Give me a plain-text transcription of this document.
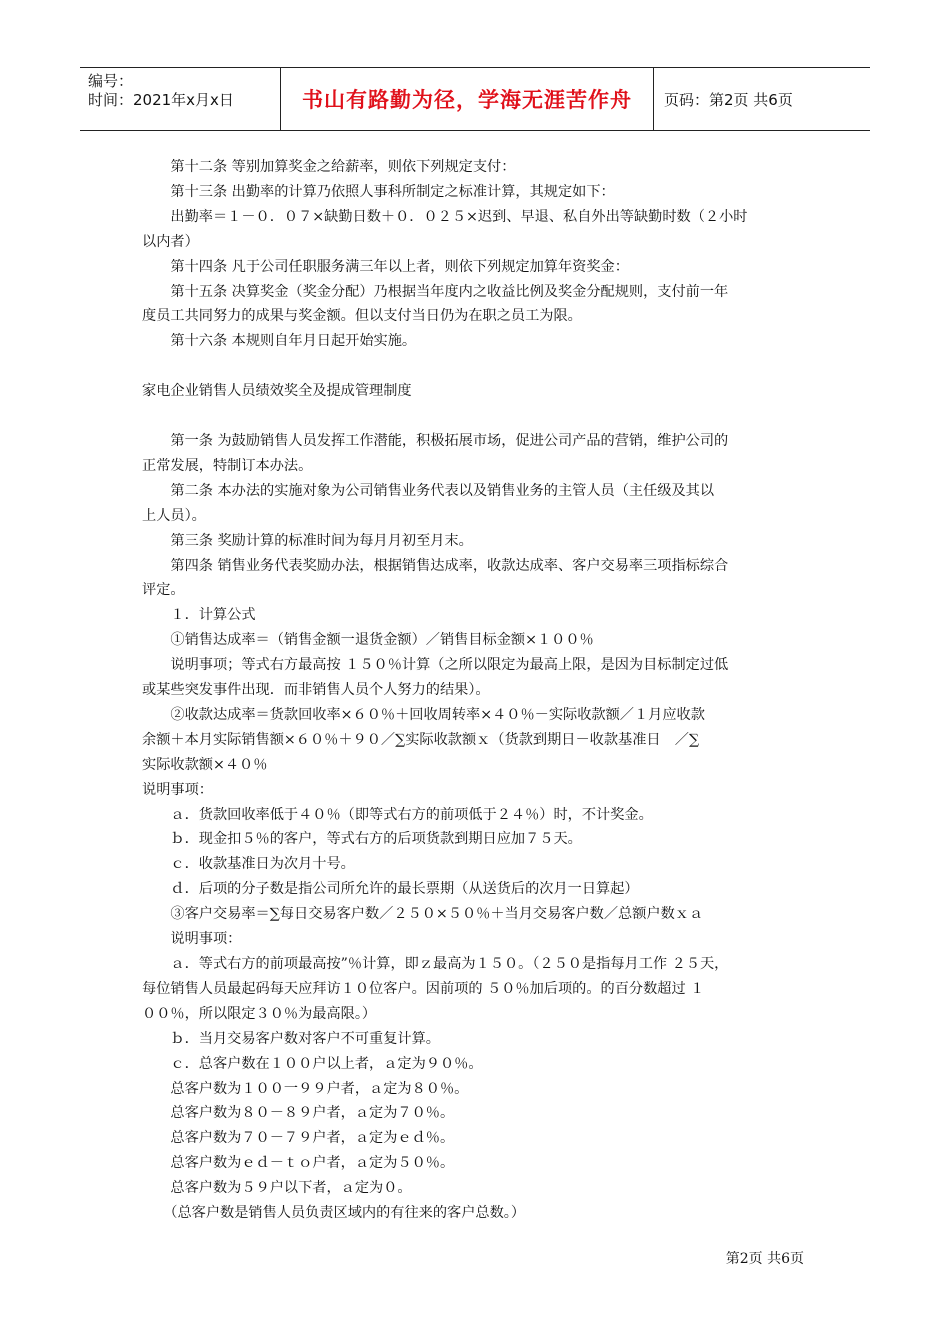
编号：
时间：2021年x月x日	书山有路勤为径，学海无涯苦作舟 页码：第2页 共6页

　　第十二条 等别加算奖金之给薪率，则依下列规定支付：

　　第十三条 出勤率的计算乃依照人事科所制定之标准计算，其规定如下：

　　出勤率＝１－０．０７×缺勤日数＋０．０２５×迟到、早退、私自外出等缺勤时数（２小时

以内者）

　　第十四条 凡于公司任职服务满三年以上者，则依下列规定加算年资奖金：

　　第十五条 决算奖金（奖金分配）乃根据当年度内之收益比例及奖金分配规则，支付前一年

度员工共同努力的成果与奖金额。但以支付当日仍为在职之员工为限。

　　第十六条 本规则自年月日起开始实施。

家电企业销售人员绩效奖全及提成管理制度

　　第一条 为鼓励销售人员发挥工作潜能，积极拓展市场，促进公司产品的营销，维护公司的

正常发展，特制订本办法。

　　第二条 本办法的实施对象为公司销售业务代表以及销售业务的主管人员（主任级及其以

上人员）。

　　第三条 奖励计算的标准时间为每月月初至月末。

　　第四条 销售业务代表奖励办法，根据销售达成率，收款达成率、客户交易率三项指标综合

评定。

　　１．计算公式

　　①销售达成率＝（销售金额一退货金额）／销售目标金额×１００％

　　说明事项；等式右方最高按 １５０％计算（之所以限定为最高上限，是因为目标制定过低

或某些突发事件出现．而非销售人员个人努力的结果）。

　　②收款达成率＝货款回收率×６０％＋回收周转率×４０％－实际收款额／１月应收款

余额＋本月实际销售额×６０％＋９０／∑实际收款额ｘ（货款到期日－收款基准日　／∑

实际收款额×４０％

说明事项：

　　ａ．货款回收率低于４０％（即等式右方的前项低于２４％）时，不计奖金。

　　ｂ．现金扣５％的客户，等式右方的后项货款到期日应加７５天。

　　ｃ．收款基准日为次月十号。

　　ｄ．后项的分子数是指公司所允许的最长票期（从送货后的次月一日算起）

　　③客户交易率＝∑每日交易客户数／２５０×５０％＋当月交易客户数／总额户数ｘａ

　　说明事项：

　　ａ．等式右方的前项最高按”％计算，即ｚ最高为１５０。（２５０是指每月工作 ２５天，

每位销售人员最起码每天应拜访１０位客户。因前项的 ５０％加后项的。的百分数超过 １

００％，所以限定３０％为最高限。）

　　ｂ．当月交易客户数对客户不可重复计算。

　　ｃ．总客户数在１００户以上者，ａ定为９０％。

　　总客户数为１００一９９户者，ａ定为８０％。

　　总客户数为８０－８９户者，ａ定为７０％。

　　总客户数为７０－７９户者，ａ定为ｅｄ％。

　　总客户数为ｅｄ－ｔｏ户者，ａ定为５０％。

　　总客户数为５９户以下者，ａ定为０。

　　（总客户数是销售人员负责区域内的有往来的客户总数。）

第2页 共6页
